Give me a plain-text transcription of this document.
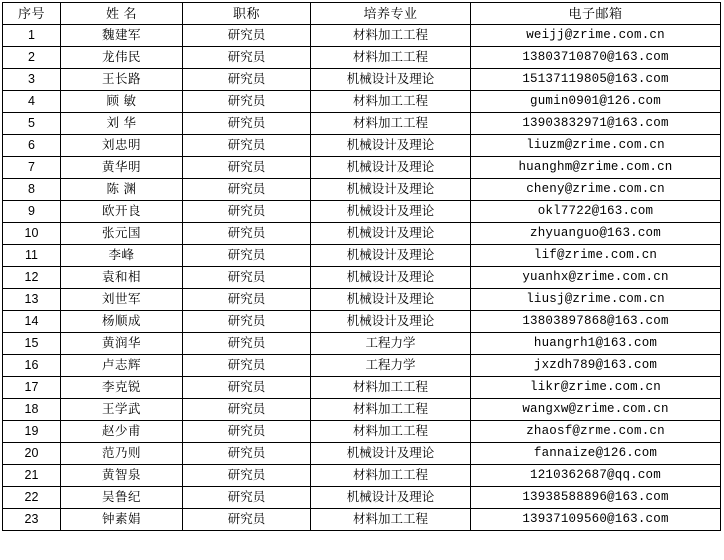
序号	姓 名	职称	培养专业	电子邮箱
1	魏建军	研究员	材料加工工程	weijj@zrime.com.cn
2	龙伟民	研究员	材料加工工程	13803710870@163.com
3	王长路	研究员	机械设计及理论	15137119805@163.com
4	顾 敏	研究员	材料加工工程	gumin0901@126.com
5	刘 华	研究员	材料加工工程	13903832971@163.com
6	刘忠明	研究员	机械设计及理论	liuzm@zrime.com.cn
7	黄华明	研究员	机械设计及理论	huanghm@zrime.com.cn
8	陈 渊	研究员	机械设计及理论	cheny@zrime.com.cn
9	欧开良	研究员	机械设计及理论	okl7722@163.com
10	张元国	研究员	机械设计及理论	zhyuanguo@163.com
11	李峰	研究员	机械设计及理论	lif@zrime.com.cn
12	袁和相	研究员	机械设计及理论	yuanhx@zrime.com.cn
13	刘世军	研究员	机械设计及理论	liusj@zrime.com.cn
14	杨顺成	研究员	机械设计及理论	13803897868@163.com
15	黄润华	研究员	工程力学	huangrh1@163.com
16	卢志辉	研究员	工程力学	jxzdh789@163.com
17	李克锐	研究员	材料加工工程	likr@zrime.com.cn
18	王学武	研究员	材料加工工程	wangxw@zrime.com.cn
19	赵少甫	研究员	材料加工工程	zhaosf@zrme.com.cn
20	范乃则	研究员	机械设计及理论	fannaize@126.com
21	黄智泉	研究员	材料加工工程	1210362687@qq.com
22	吴鲁纪	研究员	机械设计及理论	13938588896@163.com
23	钟素娟	研究员	材料加工工程	13937109560@163.com
